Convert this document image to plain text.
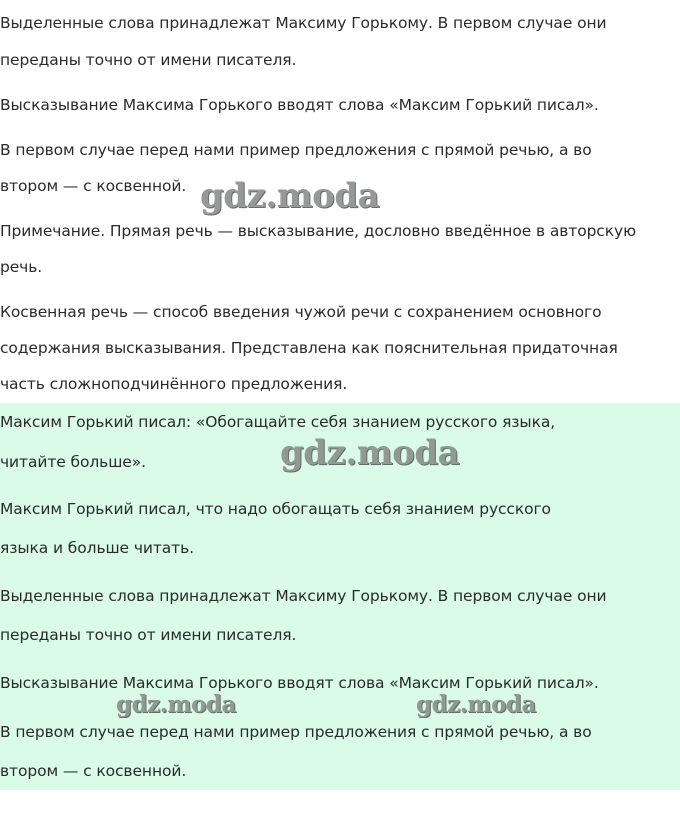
Выделенные слова принадлежат Максиму Горькому. В первом случае они

переданы точно от имени писателя.

Высказывание Максима Горького вводят слова «Максим Горький писал».

В первом случае перед нами пример предложения с прямой речью, а во

втором — с косвенной.

Примечание. Прямая речь — высказывание, дословно введённое в авторскую

речь.

Косвенная речь — способ введения чужой речи с сохранением основного

содержания высказывания. Представлена как пояснительная придаточная

часть сложноподчинённого предложения.

gdz.moda

Максим Горький писал: «Обогащайте себя знанием русского языка,

читайте больше».

Максим Горький писал, что надо обогащать себя знанием русского

языка и больше читать.

Выделенные слова принадлежат Максиму Горькому. В первом случае они

переданы точно от имени писателя.

Высказывание Максима Горького вводят слова «Максим Горький писал».

В первом случае перед нами пример предложения с прямой речью, а во

втором — с косвенной.

gdz.moda
gdz.moda	gdz.moda
